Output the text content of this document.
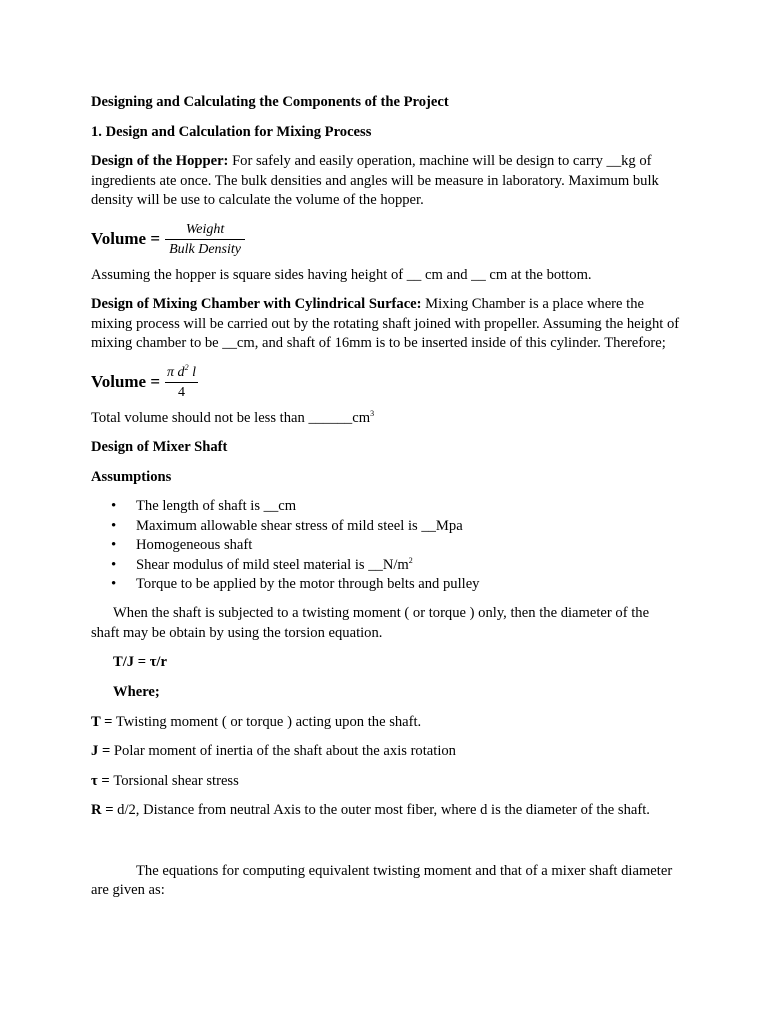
Designing and Calculating the Components of the Project

1. Design and Calculation for Mixing Process

Design of the Hopper: For safely and easily operation, machine will be design to carry __kg of ingredients ate once. The bulk densities and angles will be measure in laboratory. Maximum bulk density will be use to calculate the volume of the hopper.

Volume = $\frac{\text{Weight}}{\text{Bulk Density}}$

Assuming the hopper is square sides having height of __ cm and __ cm at the bottom.

Design of Mixing Chamber with Cylindrical Surface: Mixing Chamber is a place where the mixing process will be carried out by the rotating shaft joined with propeller. Assuming the height of mixing chamber to be __cm, and shaft of 16mm is to be inserted inside of this cylinder. Therefore;

Volume = $\frac{\pi d^2 l}{4}$

Total volume should not be less than $\_\_\_\_\_\_cm^3$

Design of Mixer Shaft

Assumptions

• The length of shaft is __cm
• Maximum allowable shear stress of mild steel is __Mpa
• Homogeneous shaft
• Shear modulus of mild steel material is $\_\_N/m^2$
• Torque to be applied by the motor through belts and pulley

When the shaft is subjected to a twisting moment ( or torque ) only, then the diameter of the shaft may be obtain by using the torsion equation.

T/J = τ/r

Where;

T = Twisting moment ( or torque ) acting upon the shaft.

J = Polar moment of inertia of the shaft about the axis rotation

τ = Torsional shear stress

R = d/2, Distance from neutral Axis to the outer most fiber, where d is the diameter of the shaft.

The equations for computing equivalent twisting moment and that of a mixer shaft diameter are given as:
